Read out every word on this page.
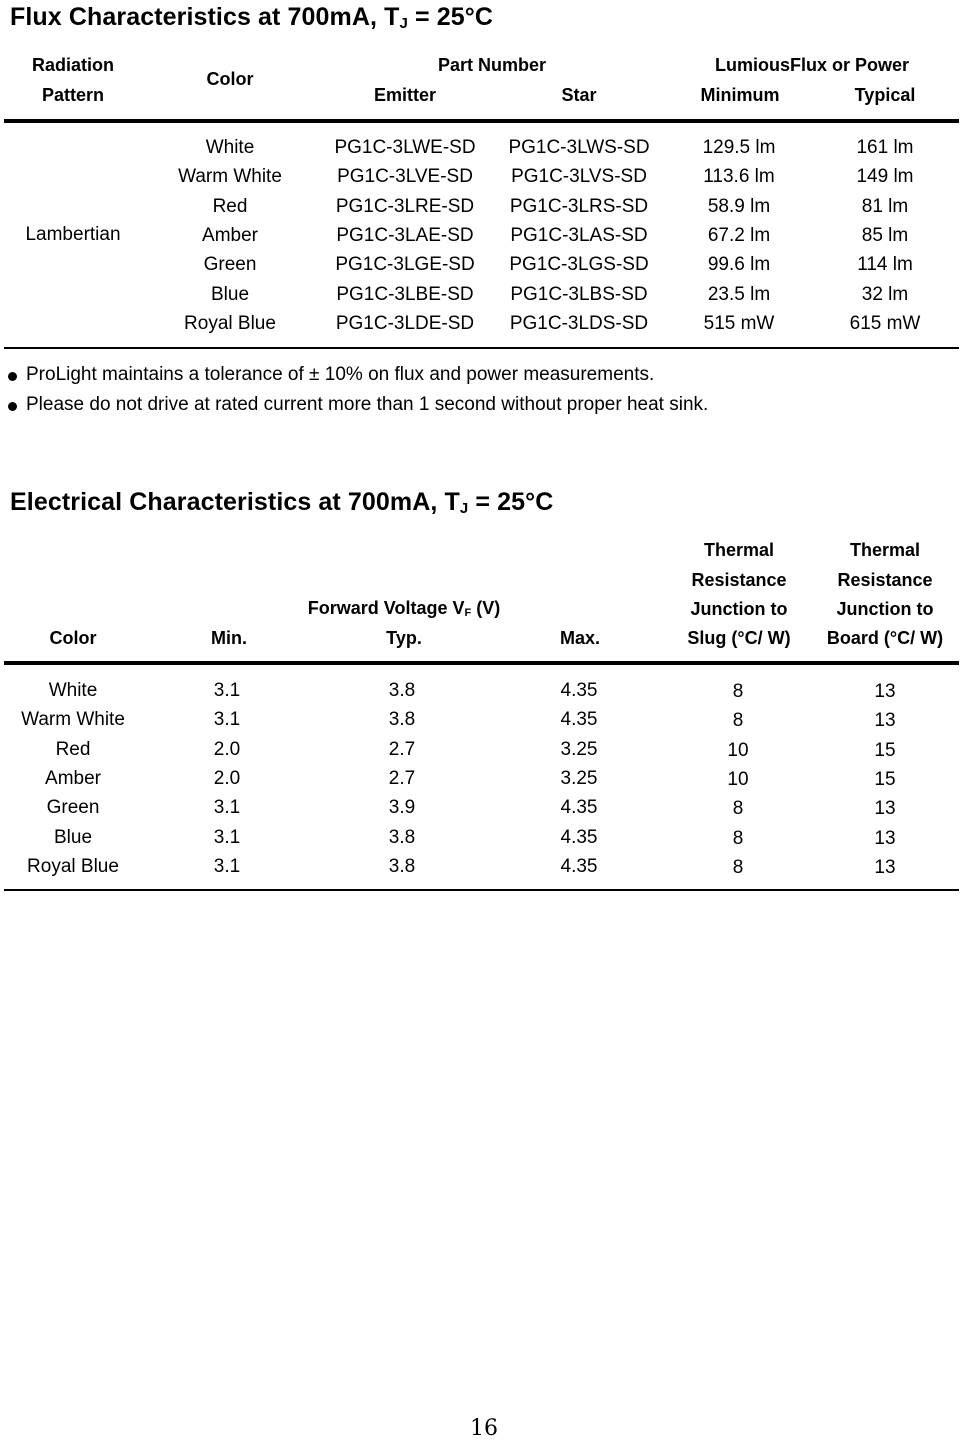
Flux Characteristics at 700mA, $T_J = 25^\circ C$
Radiation
Pattern
Color
Part Number
Emitter	Star
LumiousFlux or Power
Minimum	Typical
Lambertian
White	PG1C-3LWE-SD PG1C-3LWS-SD	129.5 lm	161 lm
Warm White	PG1C-3LVE-SD PG1C-3LVS-SD	113.6 lm	149 lm
Red	PG1C-3LRE-SD PG1C-3LRS-SD	58.9 lm	81 lm
Amber	PG1C-3LAE-SD PG1C-3LAS-SD	67.2 lm	85 lm
Green	PG1C-3LGE-SD PG1C-3LGS-SD	99.6 lm	114 lm
Blue	PG1C-3LBE-SD PG1C-3LBS-SD	23.5 lm	32 lm
Royal Blue	PG1C-3LDE-SD PG1C-3LDS-SD	515 mW	615 mW
ProLight maintains a tolerance of ± 10% on flux and power measurements.
Please do not drive at rated current more than 1 second without proper heat sink.
Electrical Characteristics at 700mA, $T_J = 25^\circ C$
Thermal
Resistance
Junction to
Slug (°C/ W)
Thermal
Resistance
Junction to
Board (°C/ W)
Forward Voltage $V_F$ (V)
Color	Min.	Typ.	Max.
White	3.1	3.8	4.35	8	13
Warm White	3.1	3.8	4.35	8	13
Red	2.0	2.7	3.25	10	15
Amber	2.0	2.7	3.25	10	15
Green	3.1	3.9	4.35	8	13
Blue	3.1	3.8	4.35	8	13
Royal Blue	3.1	3.8	4.35	8	13
16
